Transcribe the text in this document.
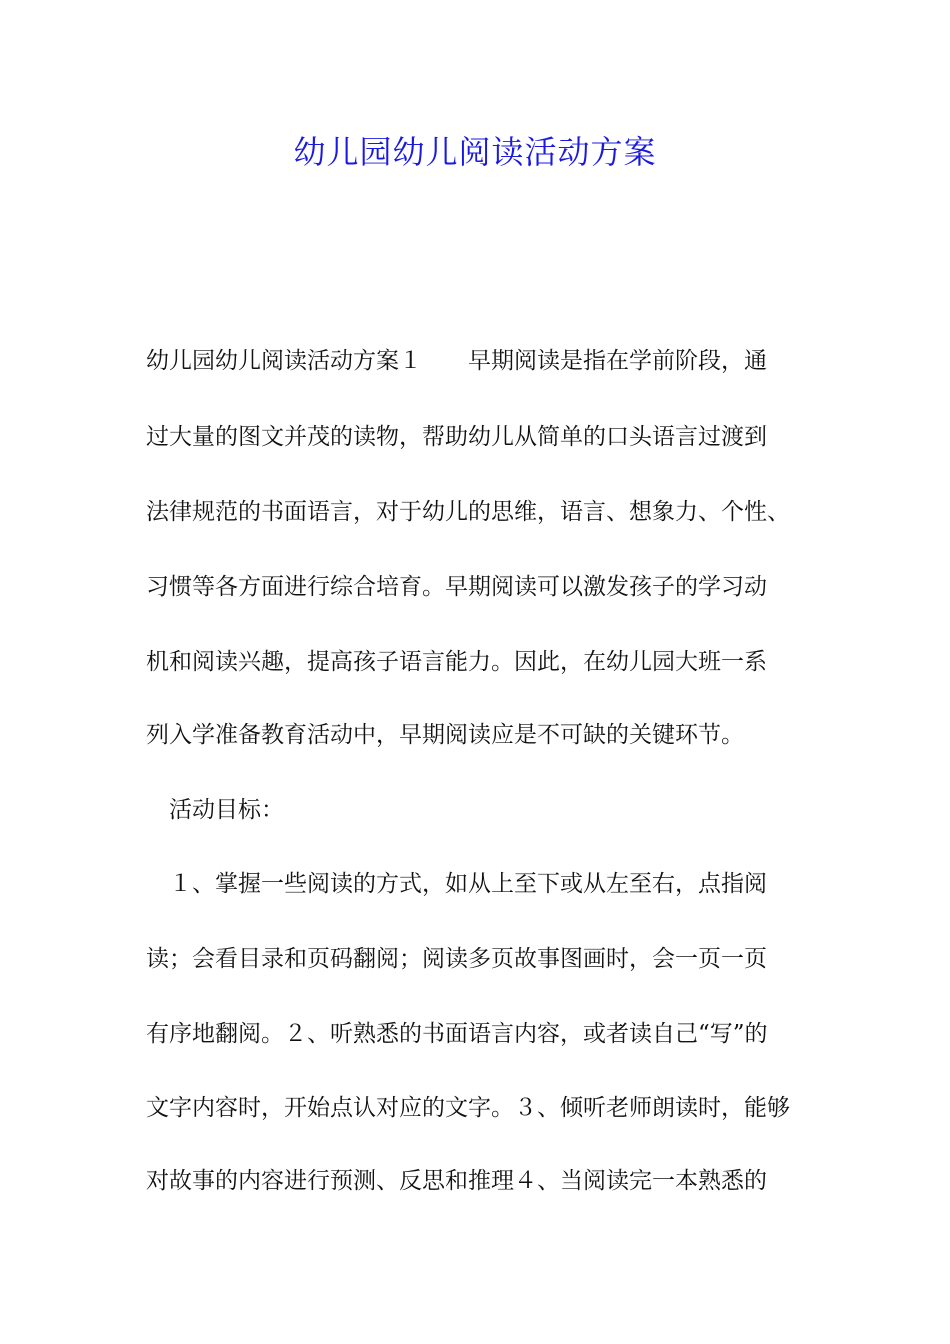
幼儿园幼儿阅读活动方案
幼儿园幼儿阅读活动方案１　　早期阅读是指在学前阶段，通
过大量的图文并茂的读物，帮助幼儿从简单的口头语言过渡到
法律规范的书面语言，对于幼儿的思维，语言、想象力、个性、
习惯等各方面进行综合培育。早期阅读可以激发孩子的学习动
机和阅读兴趣，提高孩子语言能力。因此，在幼儿园大班一系
列入学准备教育活动中，早期阅读应是不可缺的关键环节。
　活动目标：
　１、掌握一些阅读的方式，如从上至下或从左至右，点指阅
读；会看目录和页码翻阅；阅读多页故事图画时，会一页一页
有序地翻阅。２、听熟悉的书面语言内容，或者读自己“写”的
文字内容时，开始点认对应的文字。３、倾听老师朗读时，能够
对故事的内容进行预测、反思和推理４、当阅读完一本熟悉的
